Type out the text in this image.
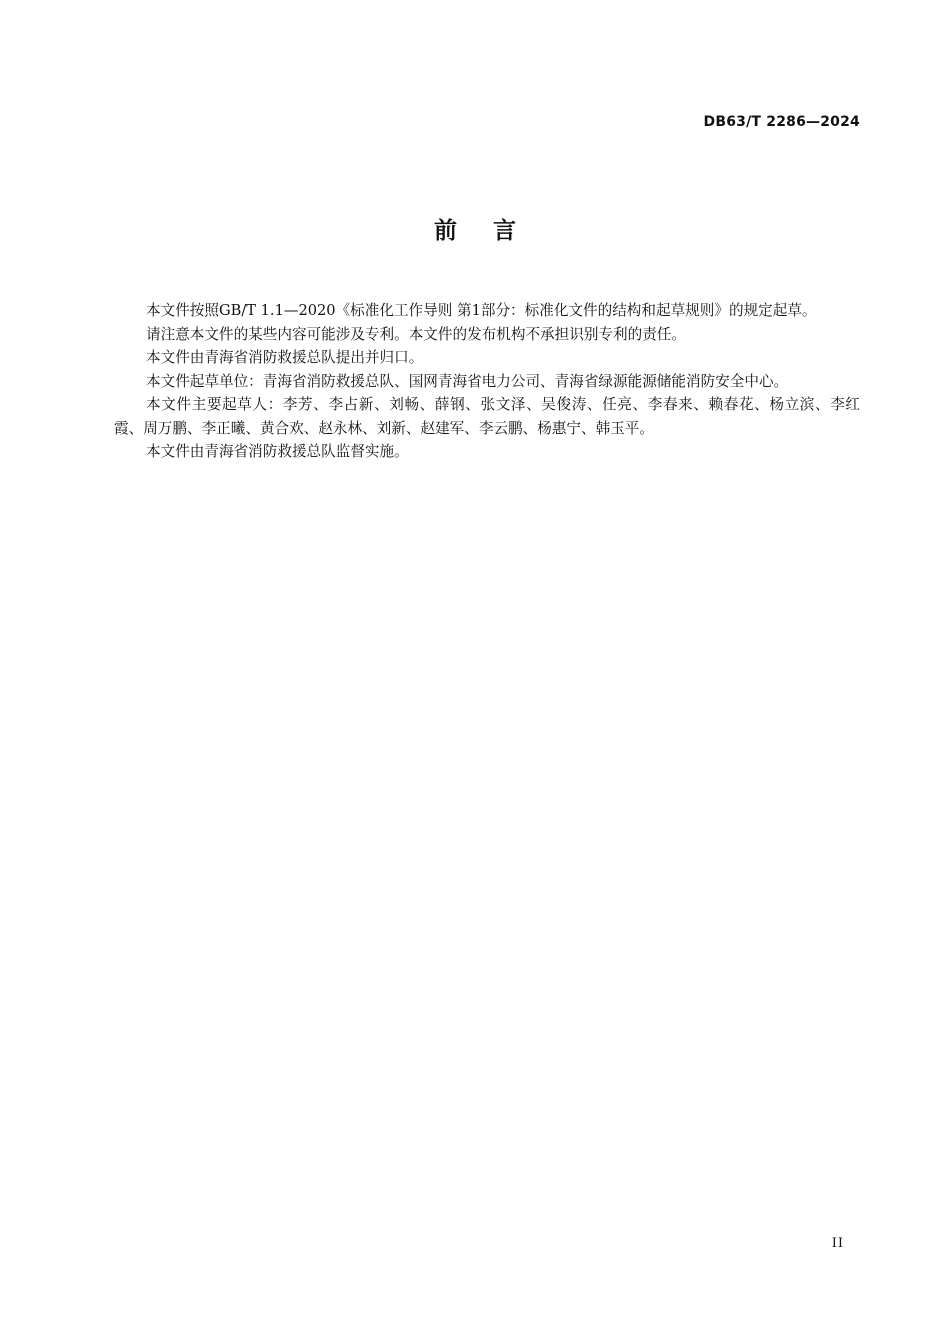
DB63/T 2286—2024
前 言

本文件按照GB/T 1.1—2020《标准化工作导则 第1部分：标准化文件的结构和起草规则》的规定起草。

请注意本文件的某些内容可能涉及专利。本文件的发布机构不承担识别专利的责任。

本文件由青海省消防救援总队提出并归口。

本文件起草单位：青海省消防救援总队、国网青海省电力公司、青海省绿源能源储能消防安全中心。

本文件主要起草人：李芳、李占新、刘畅、薛钢、张文泽、吴俊涛、任亮、李春来、赖春花、杨立滨、李红霞、周万鹏、李正曦、黄合欢、赵永林、刘新、赵建军、李云鹏、杨惠宁、韩玉平。

本文件由青海省消防救援总队监督实施。

II
